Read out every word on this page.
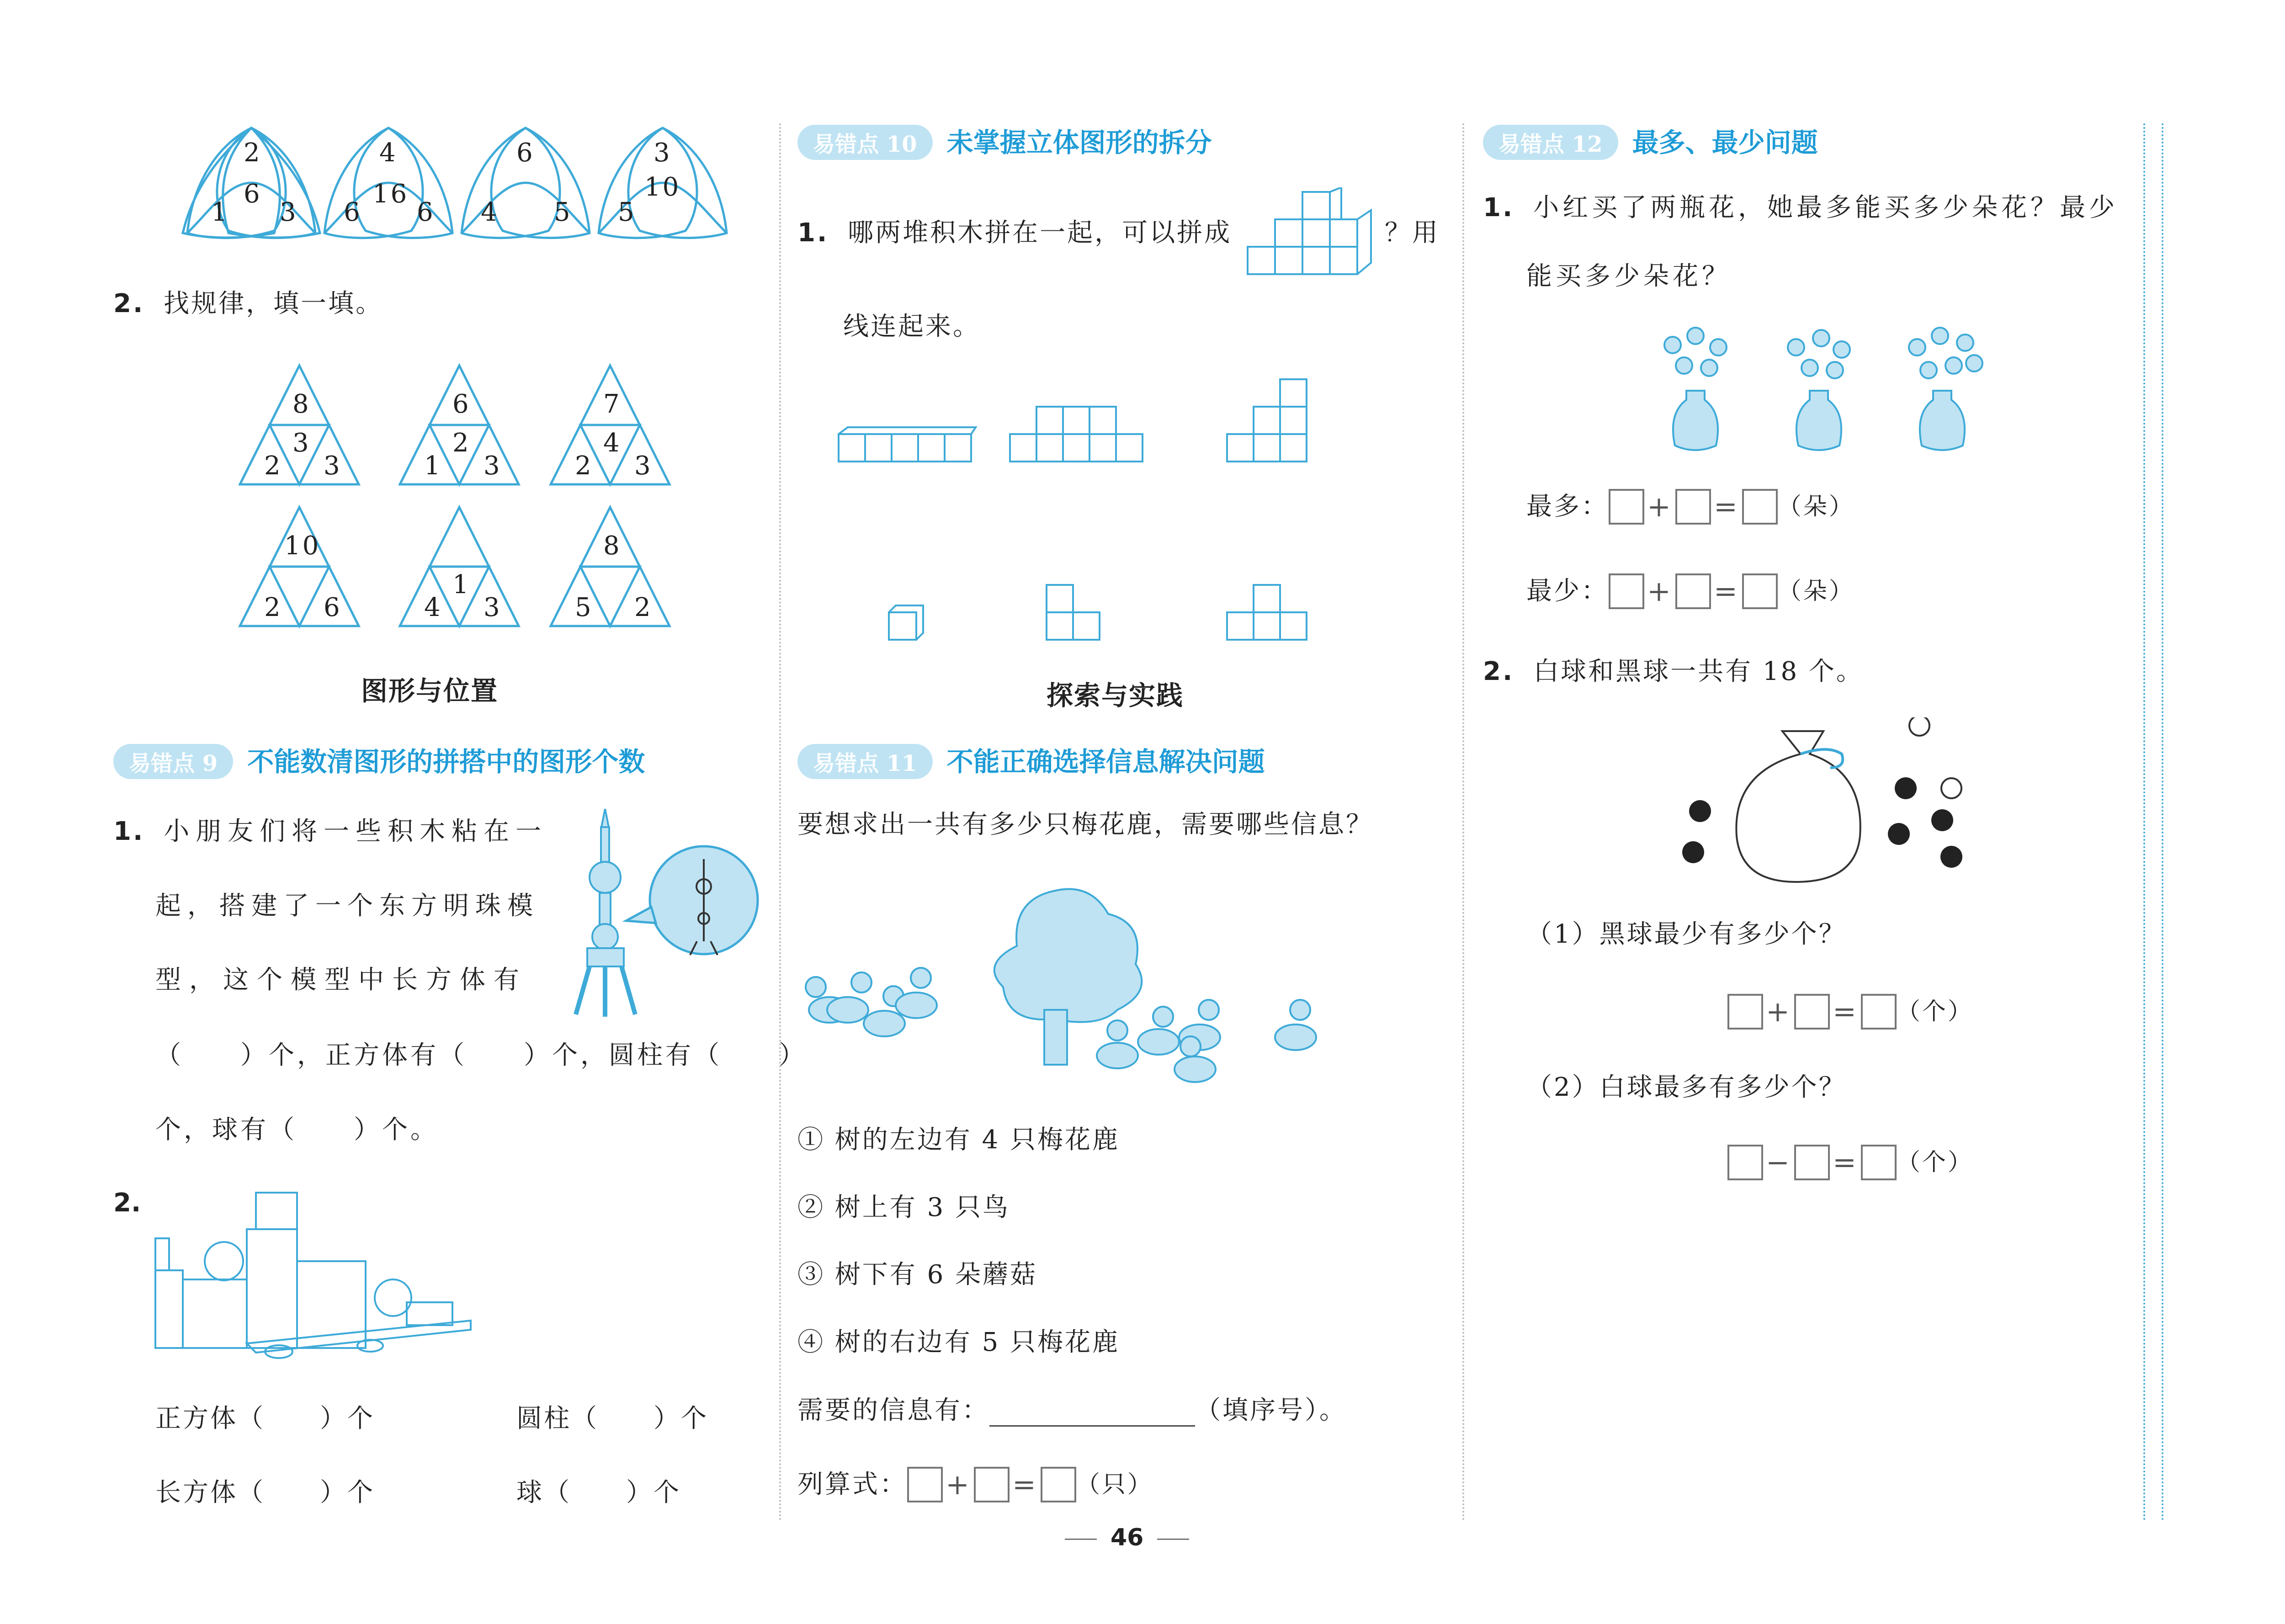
2
6
1 3
4
16
6 6
6
4 5
3
10
5
2. 找规律，填一填。
8
3
2 3
6
2
1 3
7
4
2 3
10
2 6
1
4 3
8
5 2
图形与位置
易错点 9 不能数清图形的拼搭中的图形个数
1. 小朋友们将一些积木粘在一
起，搭建了一个东方明珠模
型，这个模型中长方体有
（　　）个，正方体有（　　）个，圆柱有（　　）
个，球有（　　）个。
2.
正方体（　　）个	圆柱（　　）个
长方体（　　）个	球（　　）个
易错点 10 未掌握立体图形的拆分
1. 哪两堆积木拼在一起，可以拼成	？用
线连起来。
探索与实践
易错点 11 不能正确选择信息解决问题
要想求出一共有多少只梅花鹿，需要哪些信息？
① 树的左边有 4 只梅花鹿
② 树上有 3 只鸟
③ 树下有 6 朵蘑菇
④ 树的右边有 5 只梅花鹿
需要的信息有：	（填序号）。
列算式： + = （只）
易错点 12 最多、最少问题
1. 小红买了两瓶花，她最多能买多少朵花？最少
能买多少朵花？
最多： + = （朵）
最少： + = （朵）
2. 白球和黑球一共有 18 个。
（1）黑球最少有多少个？
+ = （个）
（2）白球最多有多少个？
− = （个）
46
